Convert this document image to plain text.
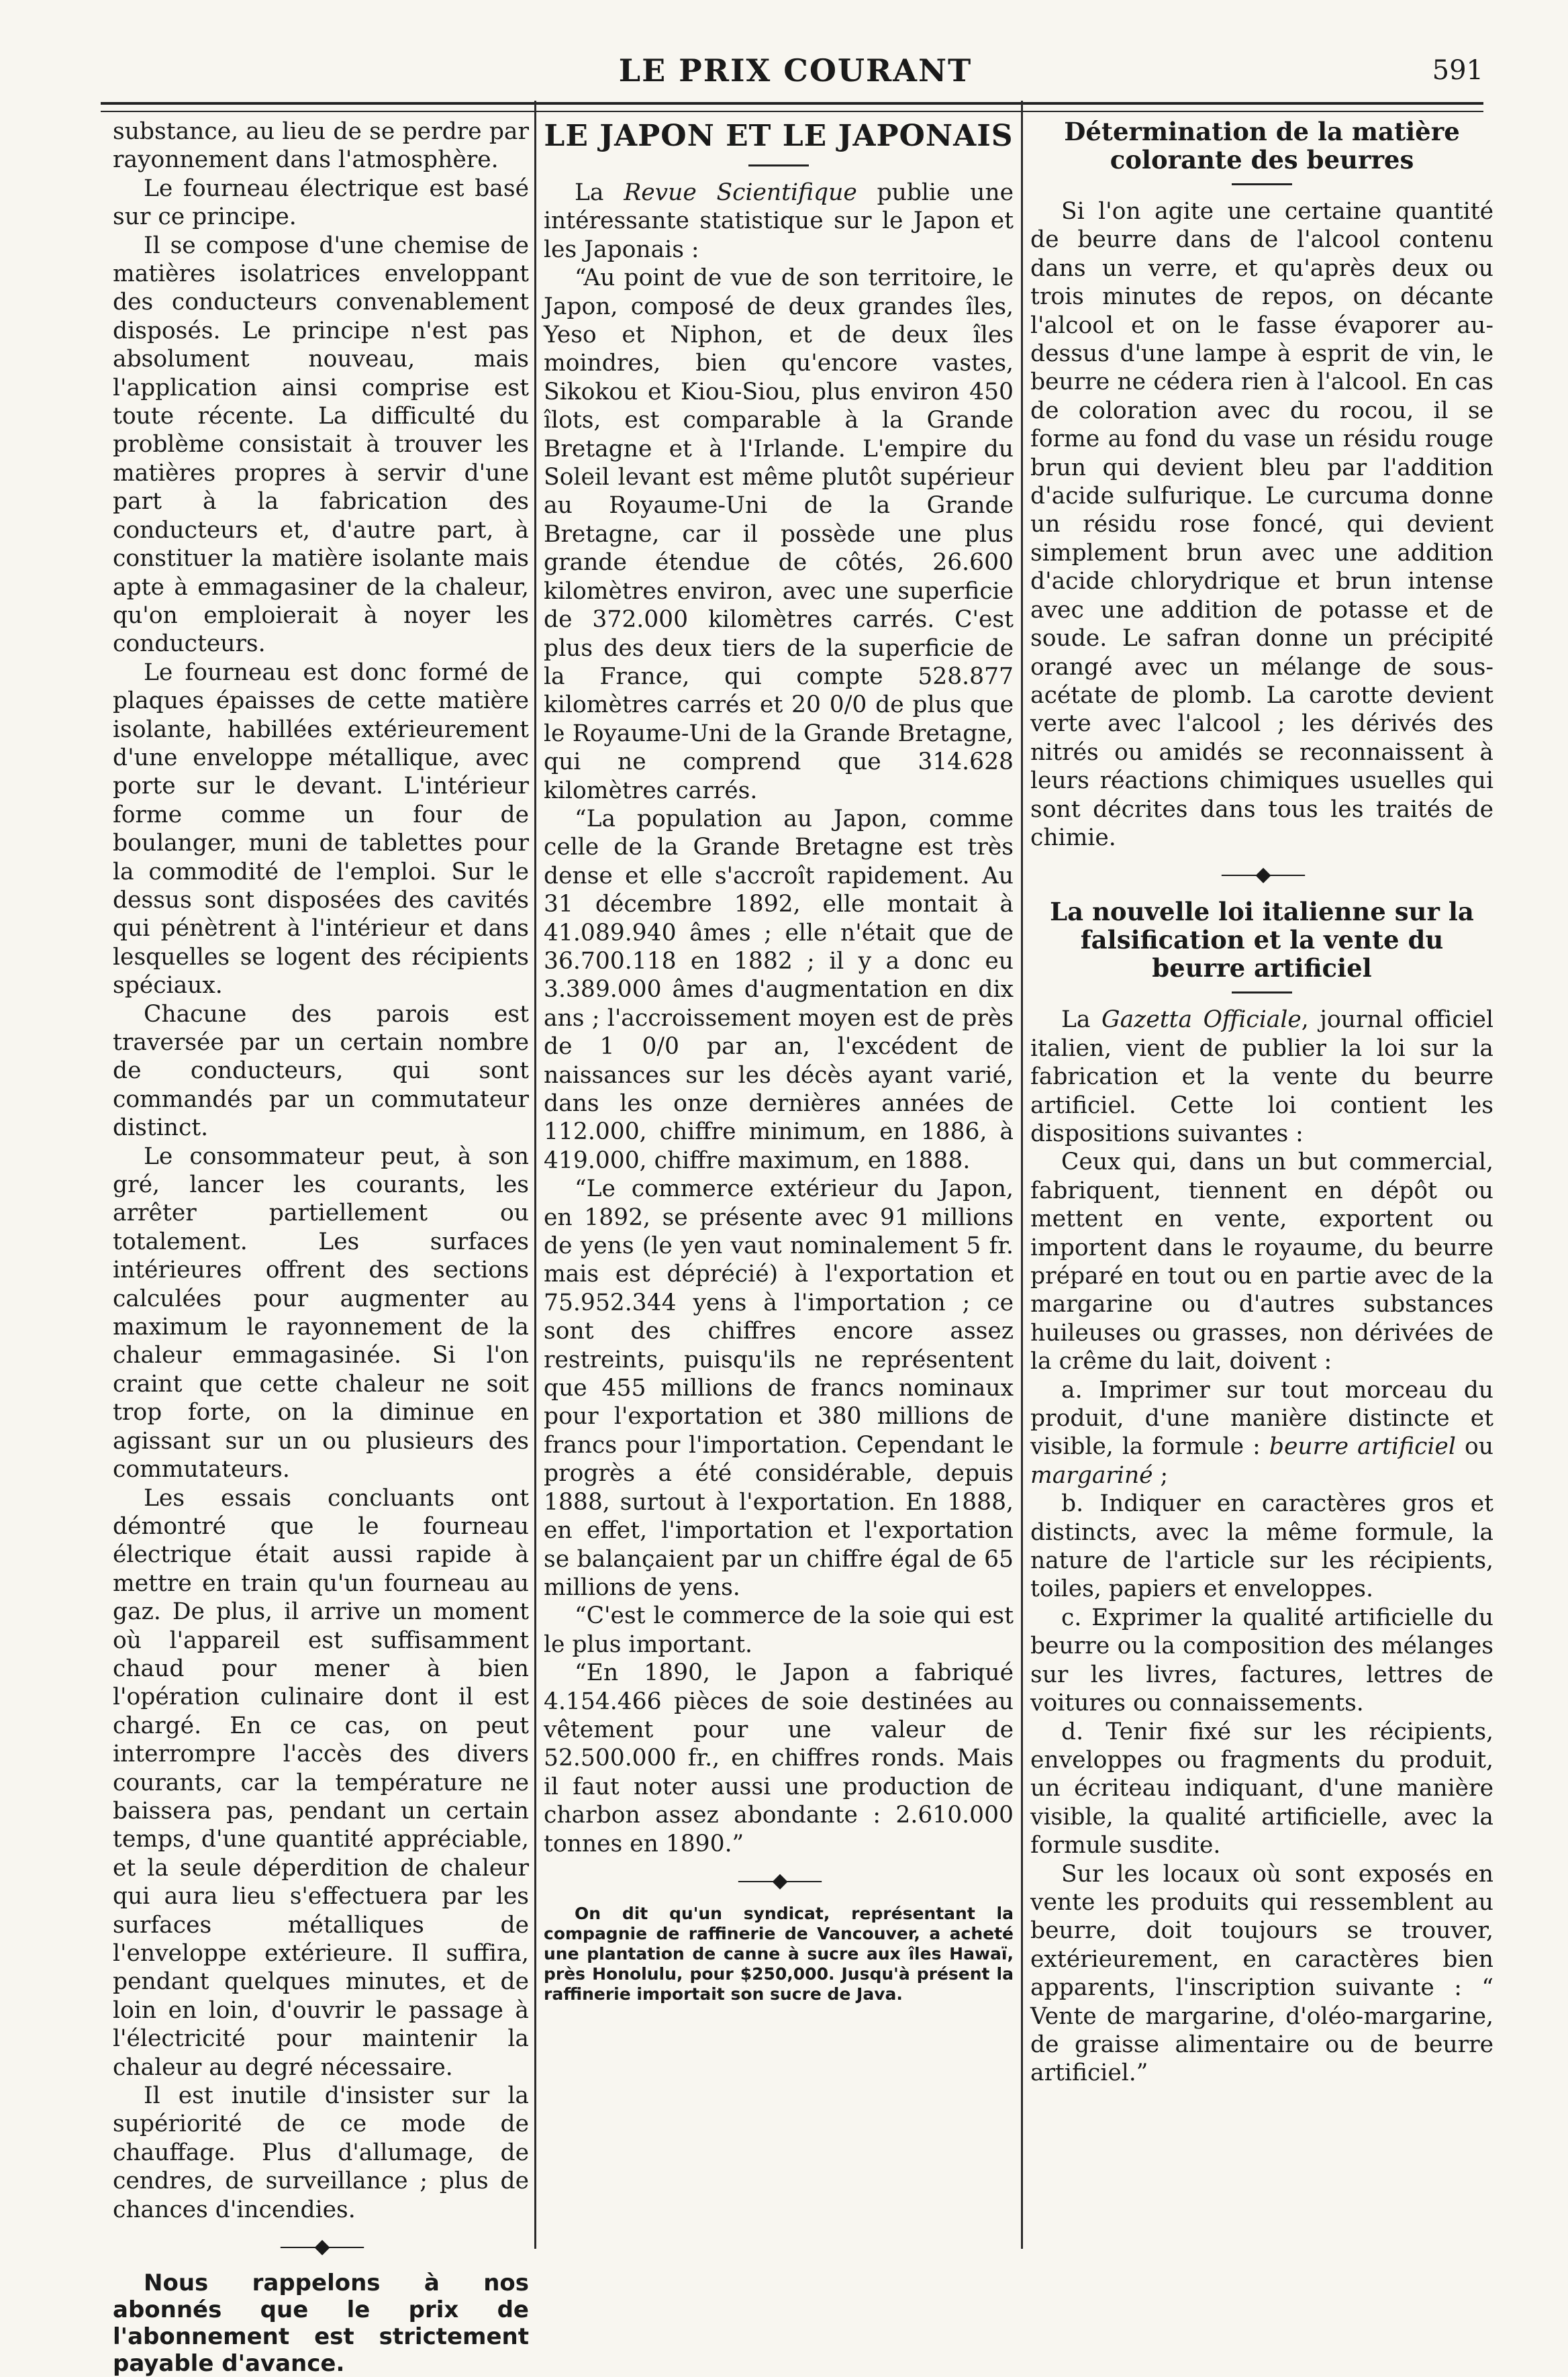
LE PRIX COURANT	591

substance, au lieu de se perdre par rayonnement dans l'atmosphère.

Le fourneau électrique est basé sur ce principe.

Il se compose d'une chemise de matières isolatrices enveloppant des conducteurs convenablement disposés. Le principe n'est pas absolument nouveau, mais l'application ainsi comprise est toute récente. La difficulté du problème consistait à trouver les matières propres à servir d'une part à la fabrication des conducteurs et, d'autre part, à constituer la matière isolante mais apte à emmagasiner de la chaleur, qu'on emploierait à noyer les conducteurs.

Le fourneau est donc formé de plaques épaisses de cette matière isolante, habillées extérieurement d'une enveloppe métallique, avec porte sur le devant. L'intérieur forme comme un four de boulanger, muni de tablettes pour la commodité de l'emploi. Sur le dessus sont disposées des cavités qui pénètrent à l'intérieur et dans lesquelles se logent des récipients spéciaux.

Chacune des parois est traversée par un certain nombre de conducteurs, qui sont commandés par un commutateur distinct.

Le consommateur peut, à son gré, lancer les courants, les arrêter partiellement ou totalement. Les surfaces intérieures offrent des sections calculées pour augmenter au maximum le rayonnement de la chaleur emmagasinée. Si l'on craint que cette chaleur ne soit trop forte, on la diminue en agissant sur un ou plusieurs des commutateurs.

Les essais concluants ont démontré que le fourneau électrique était aussi rapide à mettre en train qu'un fourneau au gaz. De plus, il arrive un moment où l'appareil est suffisamment chaud pour mener à bien l'opération culinaire dont il est chargé. En ce cas, on peut interrompre l'accès des divers courants, car la température ne baissera pas, pendant un certain temps, d'une quantité appréciable, et la seule déperdition de chaleur qui aura lieu s'effectuera par les surfaces métalliques de l'enveloppe extérieure. Il suffira, pendant quelques minutes, et de loin en loin, d'ouvrir le passage à l'électricité pour maintenir la chaleur au degré nécessaire.

Il est inutile d'insister sur la supériorité de ce mode de chauffage. Plus d'allumage, de cendres, de surveillance ; plus de chances d'incendies.

——◆——
Nous rappelons à nos abonnés que le prix de l'abonnement est strictement payable d'avance.

LE JAPON ET LE JAPONAIS

La Revue Scientifique publie une intéressante statistique sur le Japon et les Japonais :

“Au point de vue de son territoire, le Japon, composé de deux grandes îles, Yeso et Niphon, et de deux îles moindres, bien qu'encore vastes, Sikokou et Kiou-Siou, plus environ 450 îlots, est comparable à la Grande Bretagne et à l'Irlande. L'empire du Soleil levant est même plutôt supérieur au Royaume-Uni de la Grande Bretagne, car il possède une plus grande étendue de côtés, 26.600 kilomètres environ, avec une superficie de 372.000 kilomètres carrés. C'est plus des deux tiers de la superficie de la France, qui compte 528.877 kilomètres carrés et 20 0/0 de plus que le Royaume-Uni de la Grande Bretagne, qui ne comprend que 314.628 kilomètres carrés.

“La population au Japon, comme celle de la Grande Bretagne est très dense et elle s'accroît rapidement. Au 31 décembre 1892, elle montait à 41.089.940 âmes ; elle n'était que de 36.700.118 en 1882 ; il y a donc eu 3.389.000 âmes d'augmentation en dix ans ; l'accroissement moyen est de près de 1 0/0 par an, l'excédent de naissances sur les décès ayant varié, dans les onze dernières années de 112.000, chiffre minimum, en 1886, à 419.000, chiffre maximum, en 1888.

“Le commerce extérieur du Japon, en 1892, se présente avec 91 millions de yens (le yen vaut nominalement 5 fr. mais est déprécié) à l'exportation et 75.952.344 yens à l'importation ; ce sont des chiffres encore assez restreints, puisqu'ils ne représentent que 455 millions de francs nominaux pour l'exportation et 380 millions de francs pour l'importation. Cependant le progrès a été considérable, depuis 1888, surtout à l'exportation. En 1888, en effet, l'importation et l'exportation se balançaient par un chiffre égal de 65 millions de yens.

“C'est le commerce de la soie qui est le plus important.

“En 1890, le Japon a fabriqué 4.154.466 pièces de soie destinées au vêtement pour une valeur de 52.500.000 fr., en chiffres ronds. Mais il faut noter aussi une production de charbon assez abondante : 2.610.000 tonnes en 1890.”

——◆——

On dit qu'un syndicat, représentant la compagnie de raffinerie de Vancouver, a acheté une plantation de canne à sucre aux îles Hawaï, près Honolulu, pour $250,000. Jusqu'à présent la raffinerie importait son sucre de Java.

Détermination de la matière colorante des beurres

Si l'on agite une certaine quantité de beurre dans de l'alcool contenu dans un verre, et qu'après deux ou trois minutes de repos, on décante l'alcool et on le fasse évaporer au-dessus d'une lampe à esprit de vin, le beurre ne cédera rien à l'alcool. En cas de coloration avec du rocou, il se forme au fond du vase un résidu rouge brun qui devient bleu par l'addition d'acide sulfurique. Le curcuma donne un résidu rose foncé, qui devient simplement brun avec une addition d'acide chlorydrique et brun intense avec une addition de potasse et de soude. Le safran donne un précipité orangé avec un mélange de sous-acétate de plomb. La carotte devient verte avec l'alcool ; les dérivés des nitrés ou amidés se reconnaissent à leurs réactions chimiques usuelles qui sont décrites dans tous les traités de chimie.

——◆——

La nouvelle loi italienne sur la falsification et la vente du beurre artificiel

La Gazetta Officiale, journal officiel italien, vient de publier la loi sur la fabrication et la vente du beurre artificiel. Cette loi contient les dispositions suivantes :

Ceux qui, dans un but commercial, fabriquent, tiennent en dépôt ou mettent en vente, exportent ou importent dans le royaume, du beurre préparé en tout ou en partie avec de la margarine ou d'autres substances huileuses ou grasses, non dérivées de la crême du lait, doivent :

a. Imprimer sur tout morceau du produit, d'une manière distincte et visible, la formule : beurre artificiel ou margariné ;

b. Indiquer en caractères gros et distincts, avec la même formule, la nature de l'article sur les récipients, toiles, papiers et enveloppes.

c. Exprimer la qualité artificielle du beurre ou la composition des mélanges sur les livres, factures, lettres de voitures ou connaissements.

d. Tenir fixé sur les récipients, enveloppes ou fragments du produit, un écriteau indiquant, d'une manière visible, la qualité artificielle, avec la formule susdite.

Sur les locaux où sont exposés en vente les produits qui ressemblent au beurre, doit toujours se trouver, extérieurement, en caractères bien apparents, l'inscription suivante : “ Vente de margarine, d'oléo-margarine, de graisse alimentaire ou de beurre artificiel.”
